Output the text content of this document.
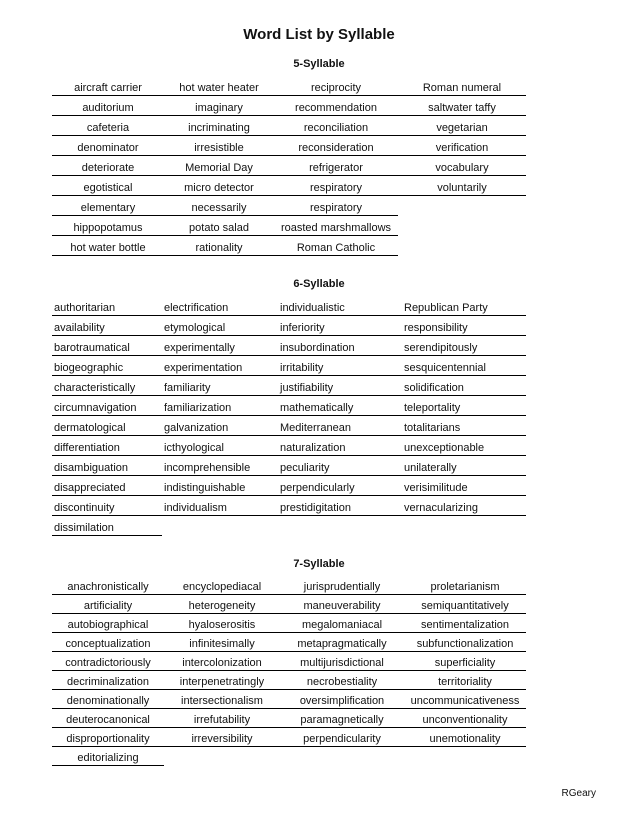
Word List by Syllable
5-Syllable
aircraft carrier	hot water heater	reciprocity	Roman numeral
auditorium	imaginary	recommendation	saltwater taffy
cafeteria	incriminating	reconciliation	vegetarian
denominator	irresistible	reconsideration	verification
deteriorate	Memorial Day	refrigerator	vocabulary
egotistical	micro detector	respiratory	voluntarily
elementary	necessarily	respiratory
hippopotamus	potato salad	roasted marshmallows
hot water bottle	rationality	Roman Catholic
6-Syllable
authoritarian	electrification	individualistic	Republican Party
availability	etymological	inferiority	responsibility
barotraumatical	experimentally	insubordination	serendipitously
biogeographic	experimentation	irritability	sesquicentennial
characteristically	familiarity	justifiability	solidification
circumnavigation	familiarization	mathematically	teleportality
dermatological	galvanization	Mediterranean	totalitarians
differentiation	icthyological	naturalization	unexceptionable
disambiguation	incomprehensible	peculiarity	unilaterally
disappreciated	indistinguishable	perpendicularly	verisimilitude
discontinuity	individualism	prestidigitation	vernacularizing
dissimilation
7-Syllable
anachronistically	encyclopediacal	jurisprudentially	proletarianism
artificiality	heterogeneity	maneuverability	semiquantitatively
autobiographical	hyaloserositis	megalomaniacal	sentimentalization
conceptualization	infinitesimally	metapragmatically	subfunctionalization
contradictoriously	intercolonization	multijurisdictional	superficiality
decriminalization	interpenetratingly	necrobestiality	territoriality
denominationally	intersectionalism	oversimplification	uncommunicativeness
deuterocanonical	irrefutability	paramagnetically	unconventionality
disproportionality	irreversibility	perpendicularity	unemotionality
editorializing
RGeary
